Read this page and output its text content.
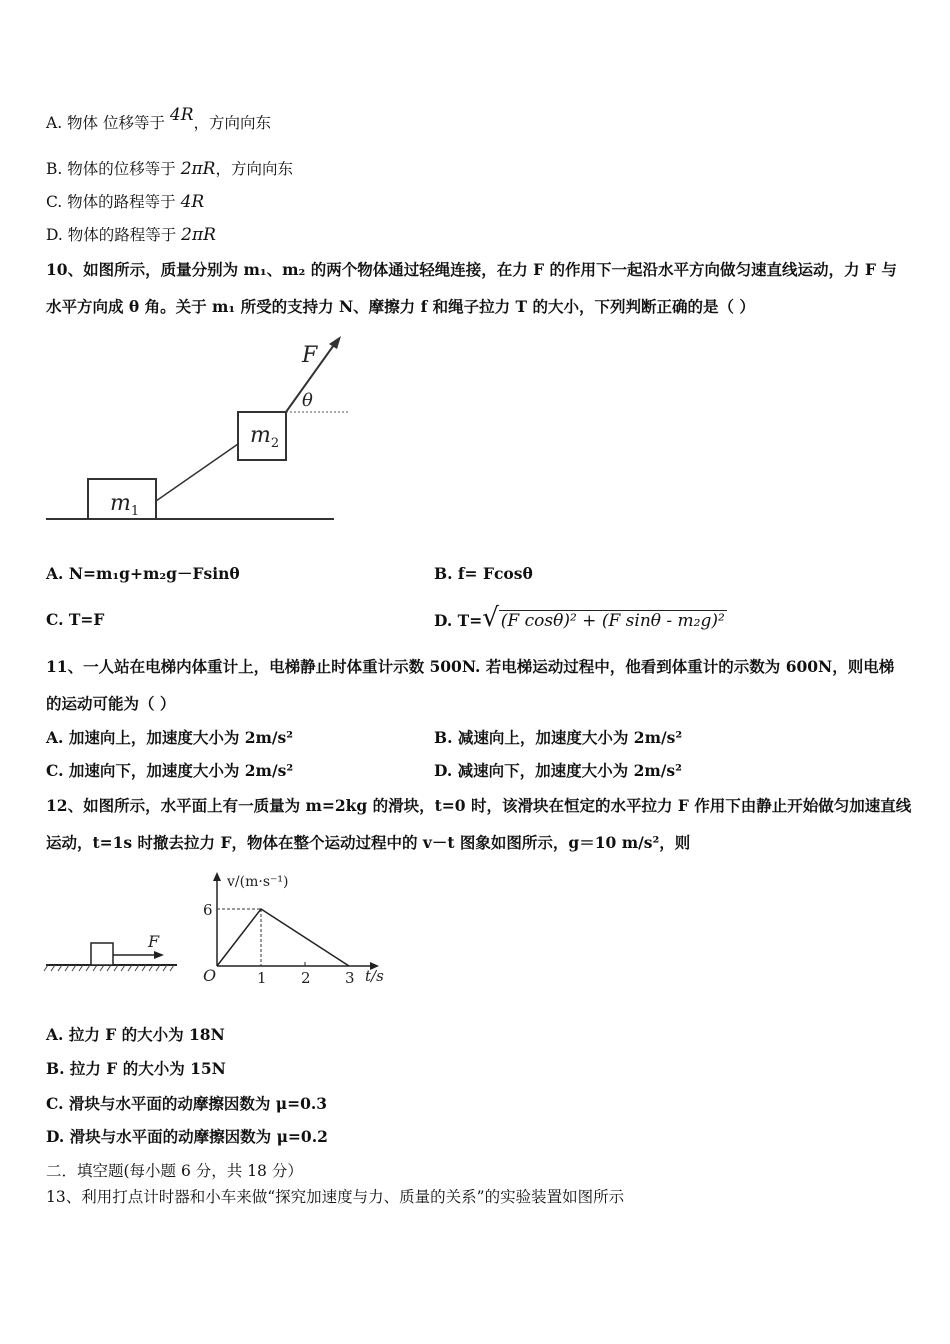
A. 物体 位移等于 4R，方向向东
B. 物体的位移等于 2πR，方向向东
C. 物体的路程等于 4R
D. 物体的路程等于 2πR
10、如图所示，质量分别为 m₁、m₂ 的两个物体通过轻绳连接，在力 F 的作用下一起沿水平方向做匀速直线运动，力 F 与
水平方向成 θ 角。关于 m₁ 所受的支持力 N、摩擦力 f 和绳子拉力 T 的大小，下列判断正确的是（ ）
F
θ
$m_1$
$m_2$
A. N=m₁g+m₂g－Fsinθ	B. f= Fcosθ
C. T=F	D. T=√ (F cosθ)² + (F sinθ - m₂g)²
11、一人站在电梯内体重计上，电梯静止时体重计示数 500N. 若电梯运动过程中，他看到体重计的示数为 600N，则电梯
的运动可能为（ ）
A. 加速向上，加速度大小为 2m/s²	B. 减速向上，加速度大小为 2m/s²
C. 加速向下，加速度大小为 2m/s²	D. 减速向下，加速度大小为 2m/s²
12、如图所示，水平面上有一质量为 m=2kg 的滑块，t=0 时，该滑块在恒定的水平拉力 F 作用下由静止开始做匀加速直线
运动，t=1s 时撤去拉力 F，物体在整个运动过程中的 v－t 图象如图所示，g＝10 m/s²，则
F
v/(m·s⁻¹)
6
O	1 2 3 t/s
A. 拉力 F 的大小为 18N
B. 拉力 F 的大小为 15N
C. 滑块与水平面的动摩擦因数为 μ=0.3
D. 滑块与水平面的动摩擦因数为 μ=0.2
二．填空题(每小题 6 分，共 18 分）
13、利用打点计时器和小车来做“探究加速度与力、质量的关系”的实验装置如图所示
